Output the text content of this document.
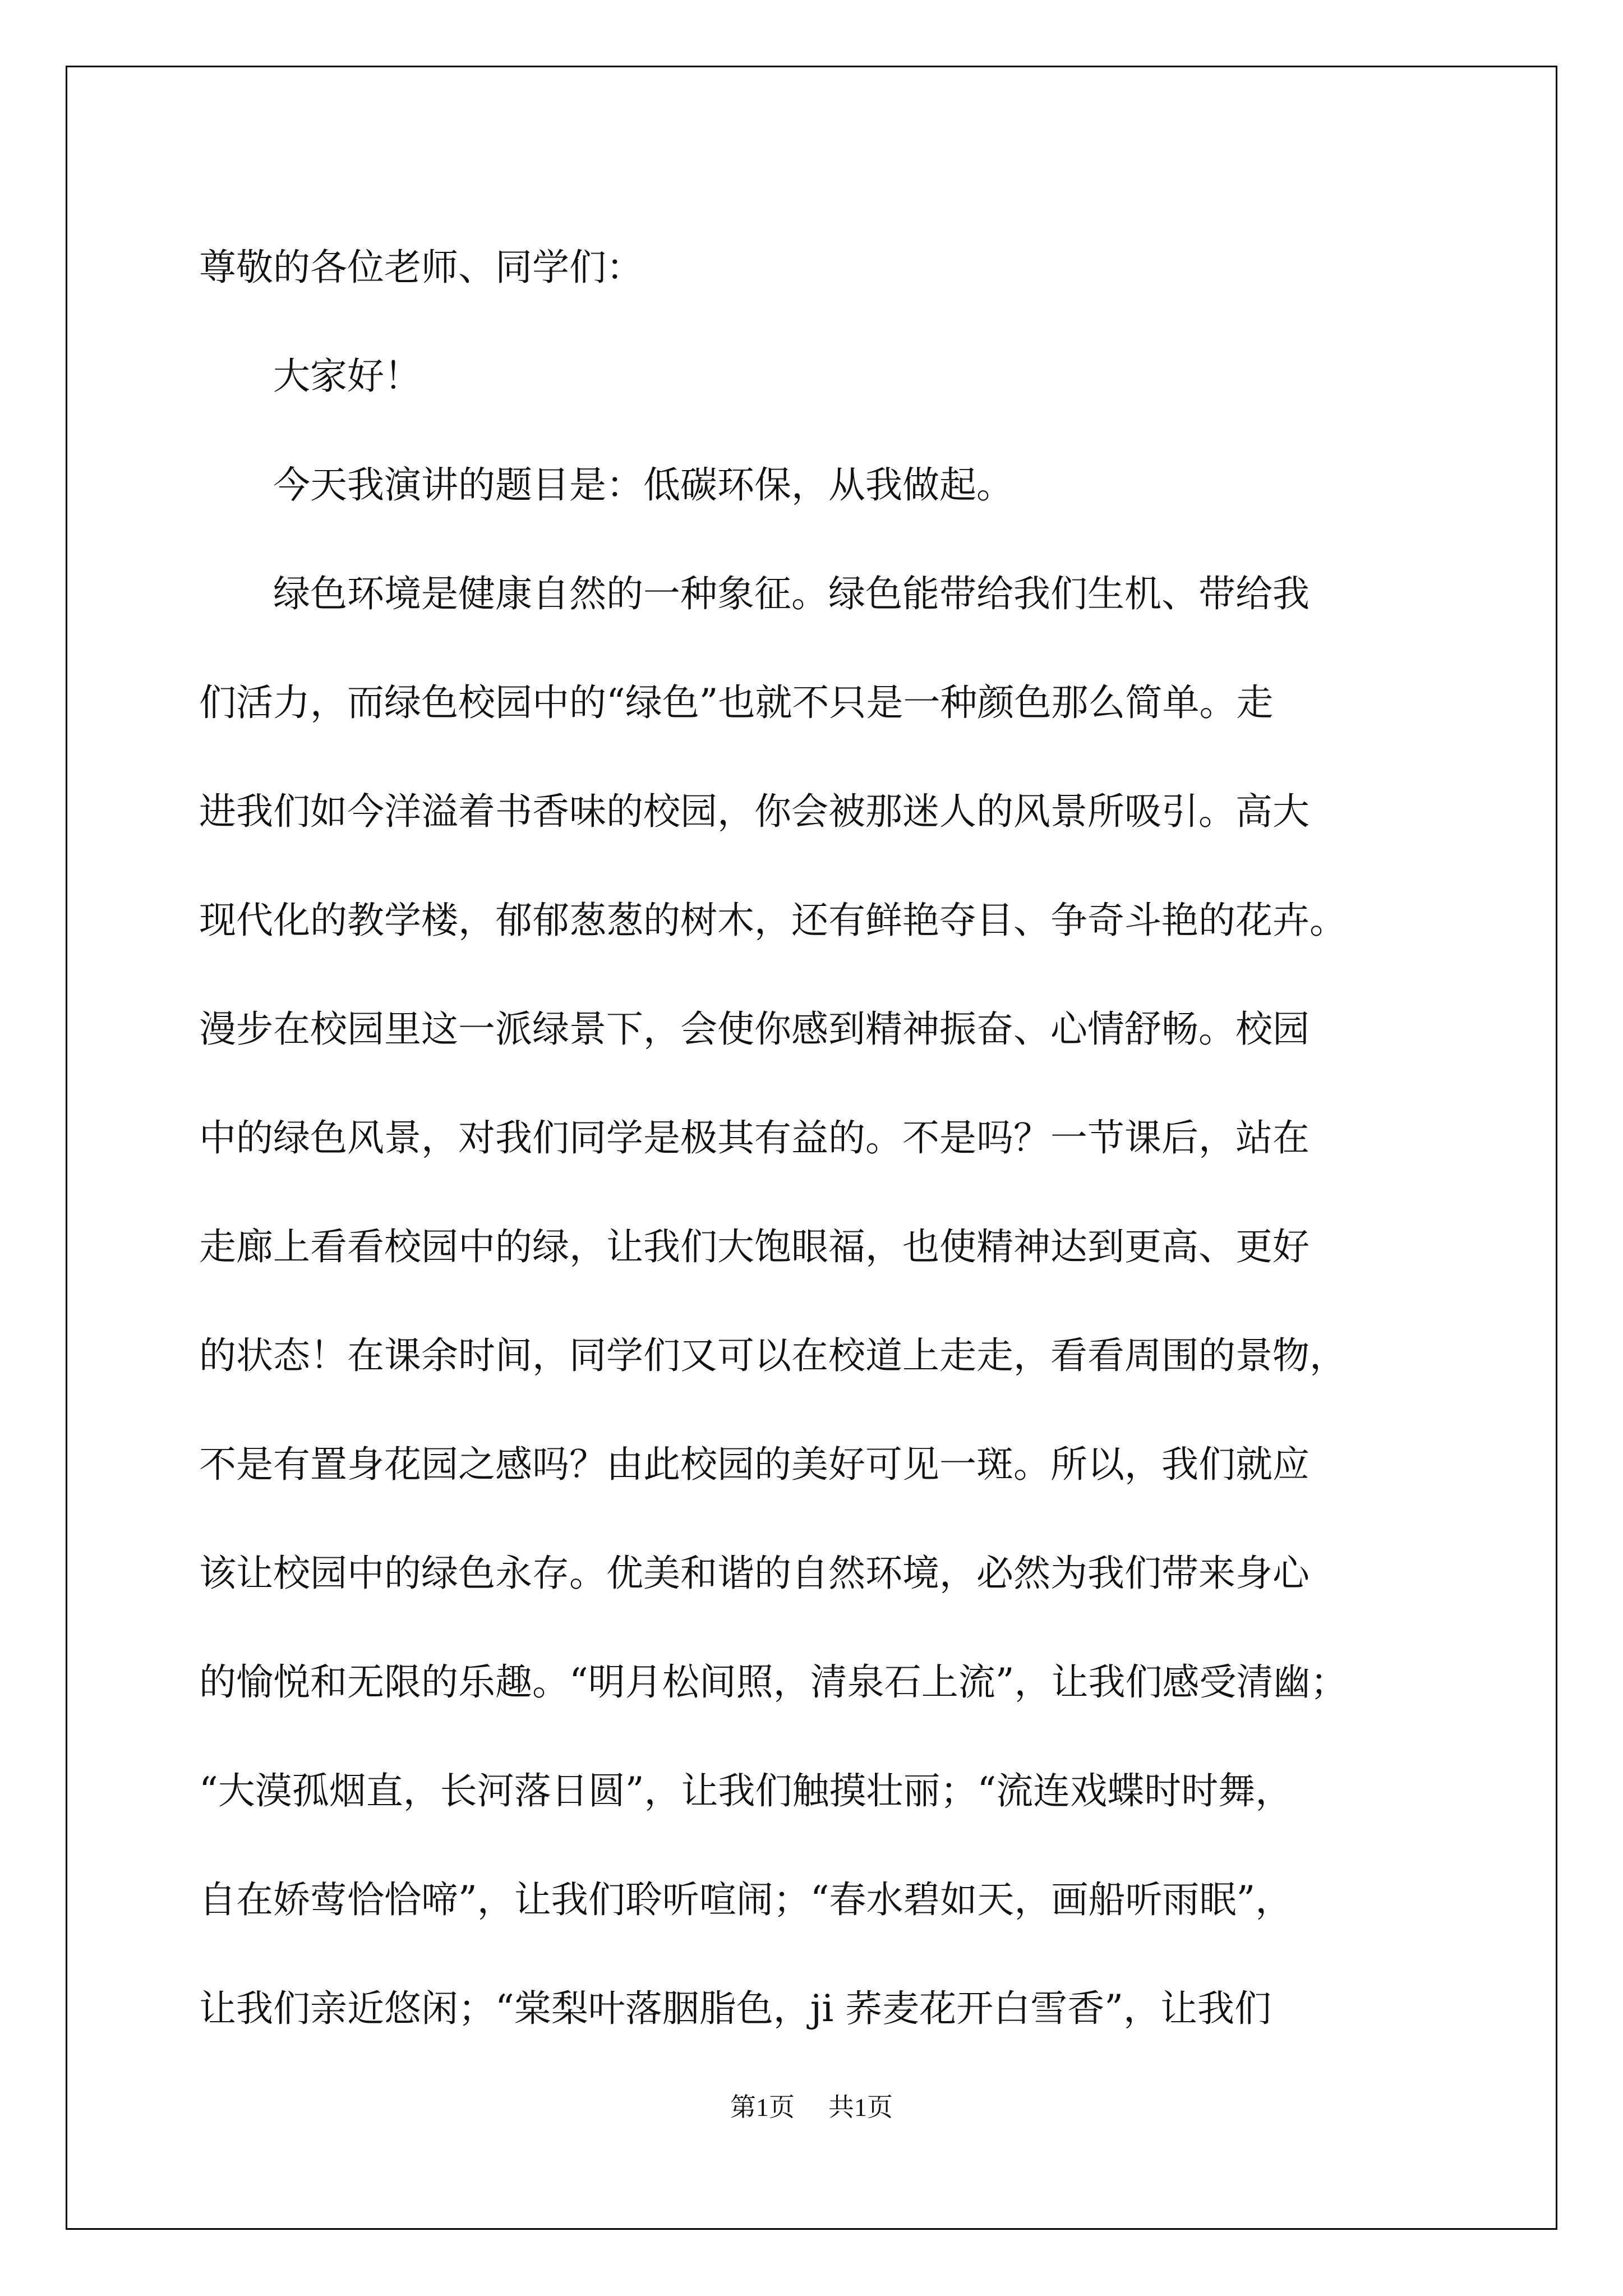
尊敬的各位老师、同学们：

大家好！

今天我演讲的题目是：低碳环保，从我做起。

绿色环境是健康自然的一种象征。绿色能带给我们生机、带给我

们活力，而绿色校园中的“绿色”也就不只是一种颜色那么简单。走

进我们如今洋溢着书香味的校园，你会被那迷人的风景所吸引。高大

现代化的教学楼，郁郁葱葱的树木，还有鲜艳夺目、争奇斗艳的花卉。

漫步在校园里这一派绿景下，会使你感到精神振奋、心情舒畅。校园

中的绿色风景，对我们同学是极其有益的。不是吗？一节课后，站在

走廊上看看校园中的绿，让我们大饱眼福，也使精神达到更高、更好

的状态！在课余时间，同学们又可以在校道上走走，看看周围的景物，

不是有置身花园之感吗？由此校园的美好可见一斑。所以，我们就应

该让校园中的绿色永存。优美和谐的自然环境，必然为我们带来身心

的愉悦和无限的乐趣。“明月松间照，清泉石上流”，让我们感受清幽；

“大漠孤烟直，长河落日圆”，让我们触摸壮丽；“流连戏蝶时时舞，

自在娇莺恰恰啼”，让我们聆听喧闹；“春水碧如天，画船听雨眠”，

让我们亲近悠闲；“棠梨叶落胭脂色，ji 荞麦花开白雪香”，让我们

第1页 共1页
